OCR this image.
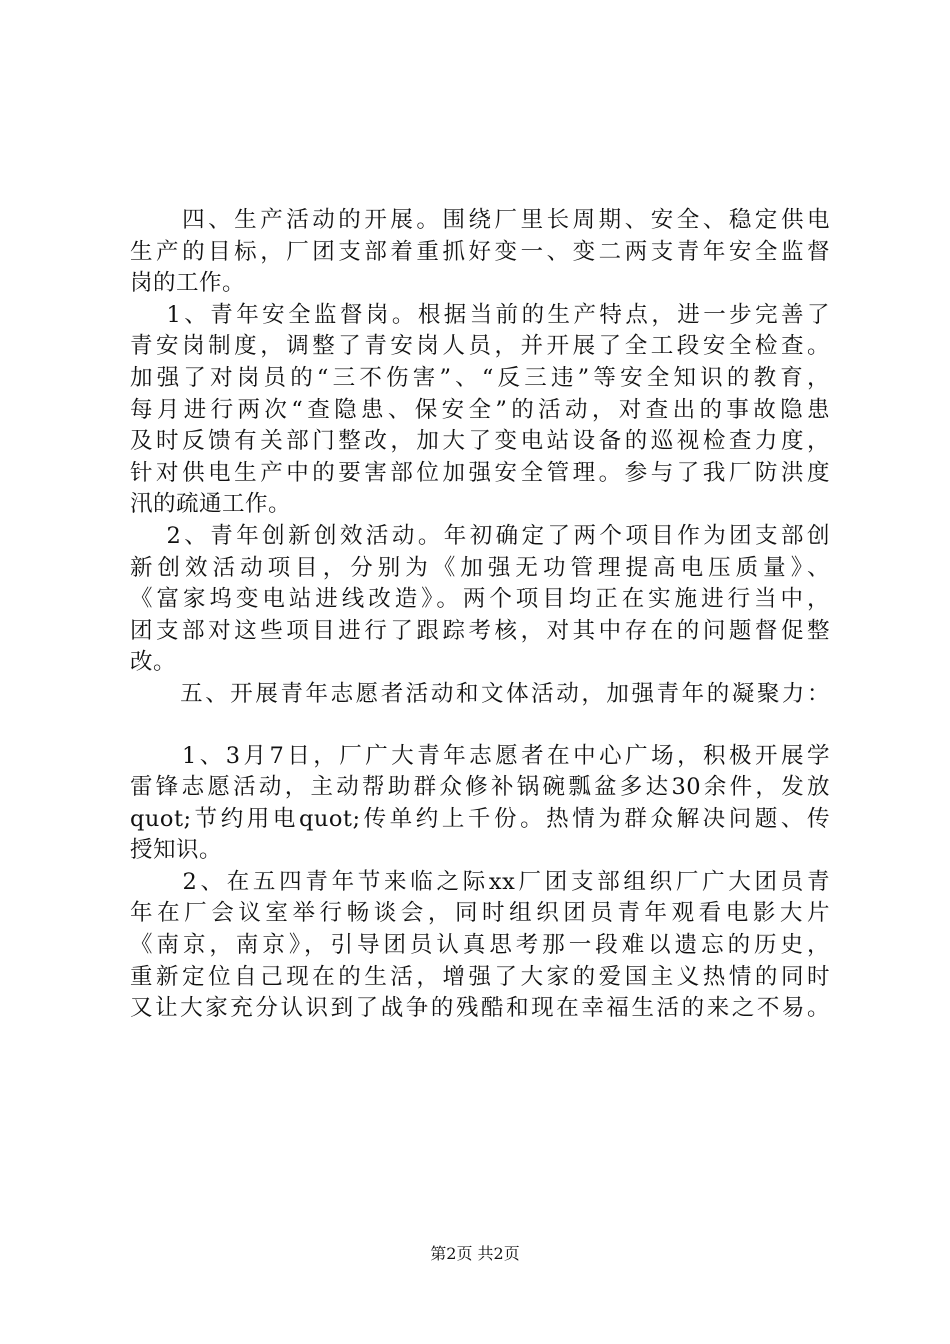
　　四、生产活动的开展。围绕厂里长周期、安全、稳定供电
生产的目标，厂团支部着重抓好变一、变二两支青年安全监督
岗的工作。
　 1、青年安全监督岗。根据当前的生产特点，进一步完善了
青安岗制度，调整了青安岗人员，并开展了全工段安全检查。
加强了对岗员的“三不伤害”、“反三违”等安全知识的教育，
每月进行两次“查隐患、保安全”的活动，对查出的事故隐患
及时反馈有关部门整改，加大了变电站设备的巡视检查力度，
针对供电生产中的要害部位加强安全管理。参与了我厂防洪度
汛的疏通工作。
　 2、青年创新创效活动。年初确定了两个项目作为团支部创
新创效活动项目，分别为《加强无功管理提高电压质量》、
《富家坞变电站进线改造》。两个项目均正在实施进行当中，
团支部对这些项目进行了跟踪考核，对其中存在的问题督促整
改。
　　五、开展青年志愿者活动和文体活动，加强青年的凝聚力：
　　1、3月7日，厂广大青年志愿者在中心广场，积极开展学
雷锋志愿活动，主动帮助群众修补锅碗瓢盆多达30余件，发放
quot;节约用电quot;传单约上千份。热情为群众解决问题、传
授知识。
　　2、在五四青年节来临之际xx厂团支部组织厂广大团员青
年在厂会议室举行畅谈会，同时组织团员青年观看电影大片
《南京，南京》，引导团员认真思考那一段难以遗忘的历史，
重新定位自己现在的生活，增强了大家的爱国主义热情的同时
又让大家充分认识到了战争的残酷和现在幸福生活的来之不易。
第2页 共2页
